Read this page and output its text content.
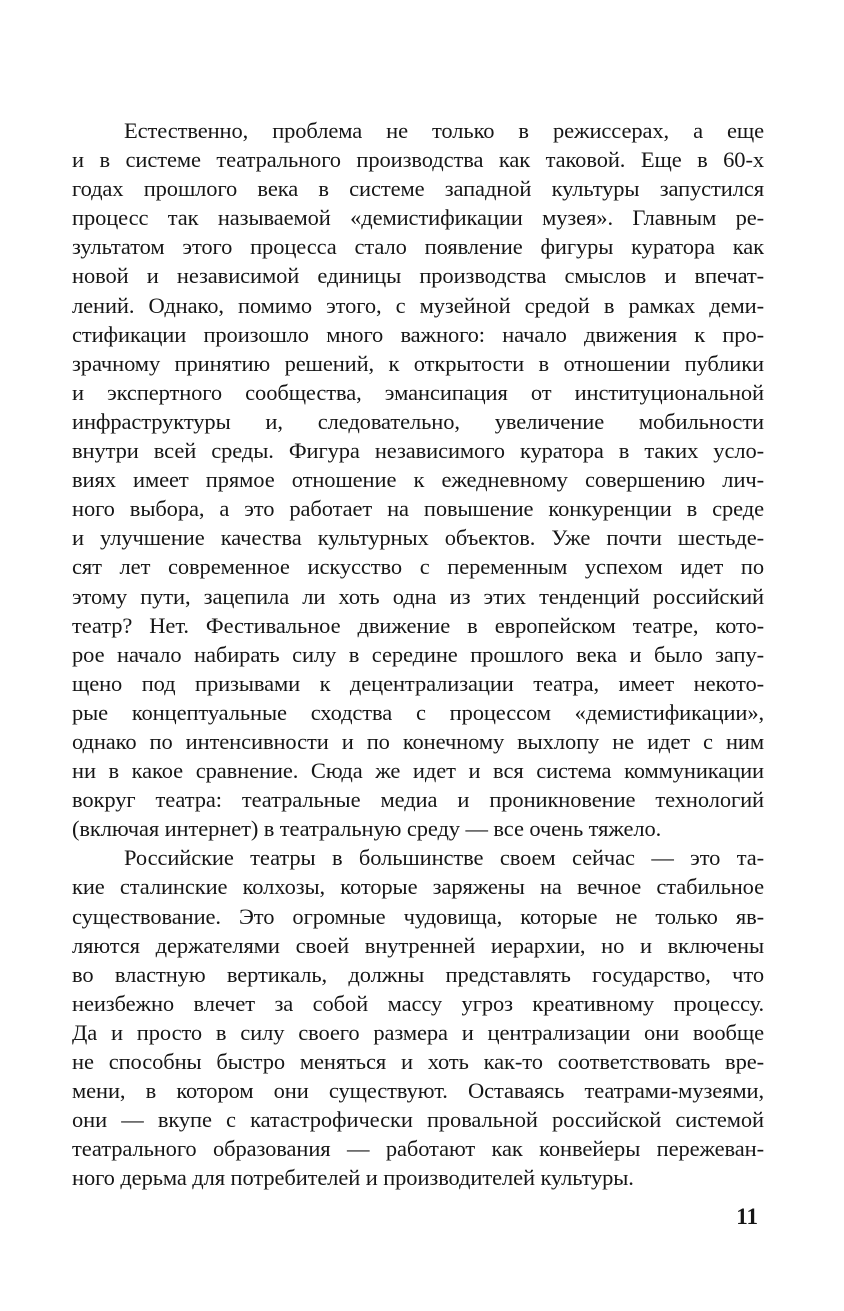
Естественно, проблема не только в режиссерах, а еще
и в системе театрального производства как таковой. Еще в 60-х
годах прошлого века в системе западной культуры запустился
процесс так называемой «демистификации музея». Главным ре-
зультатом этого процесса стало появление фигуры куратора как
новой и независимой единицы производства смыслов и впечат-
лений. Однако, помимо этого, с музейной средой в рамках деми-
стификации произошло много важного: начало движения к про-
зрачному принятию решений, к открытости в отношении публики
и экспертного сообщества, эмансипация от институциональной
инфраструктуры и, следовательно, увеличение мобильности
внутри всей среды. Фигура независимого куратора в таких усло-
виях имеет прямое отношение к ежедневному совершению лич-
ного выбора, а это работает на повышение конкуренции в среде
и улучшение качества культурных объектов. Уже почти шестьде-
сят лет современное искусство с переменным успехом идет по
этому пути, зацепила ли хоть одна из этих тенденций российский
театр? Нет. Фестивальное движение в европейском театре, кото-
рое начало набирать силу в середине прошлого века и было запу-
щено под призывами к децентрализации театра, имеет некото-
рые концептуальные сходства с процессом «демистификации»,
однако по интенсивности и по конечному выхлопу не идет с ним
ни в какое сравнение. Сюда же идет и вся система коммуникации
вокруг театра: театральные медиа и проникновение технологий
(включая интернет) в театральную среду — все очень тяжело.
Российские театры в большинстве своем сейчас — это та-
кие сталинские колхозы, которые заряжены на вечное стабильное
существование. Это огромные чудовища, которые не только яв-
ляются держателями своей внутренней иерархии, но и включены
во властную вертикаль, должны представлять государство, что
неизбежно влечет за собой массу угроз креативному процессу.
Да и просто в силу своего размера и централизации они вообще
не способны быстро меняться и хоть как-то соответствовать вре-
мени, в котором они существуют. Оставаясь театрами-музеями,
они — вкупе с катастрофически провальной российской системой
театрального образования — работают как конвейеры пережеван-
ного дерьма для потребителей и производителей культуры.
11
